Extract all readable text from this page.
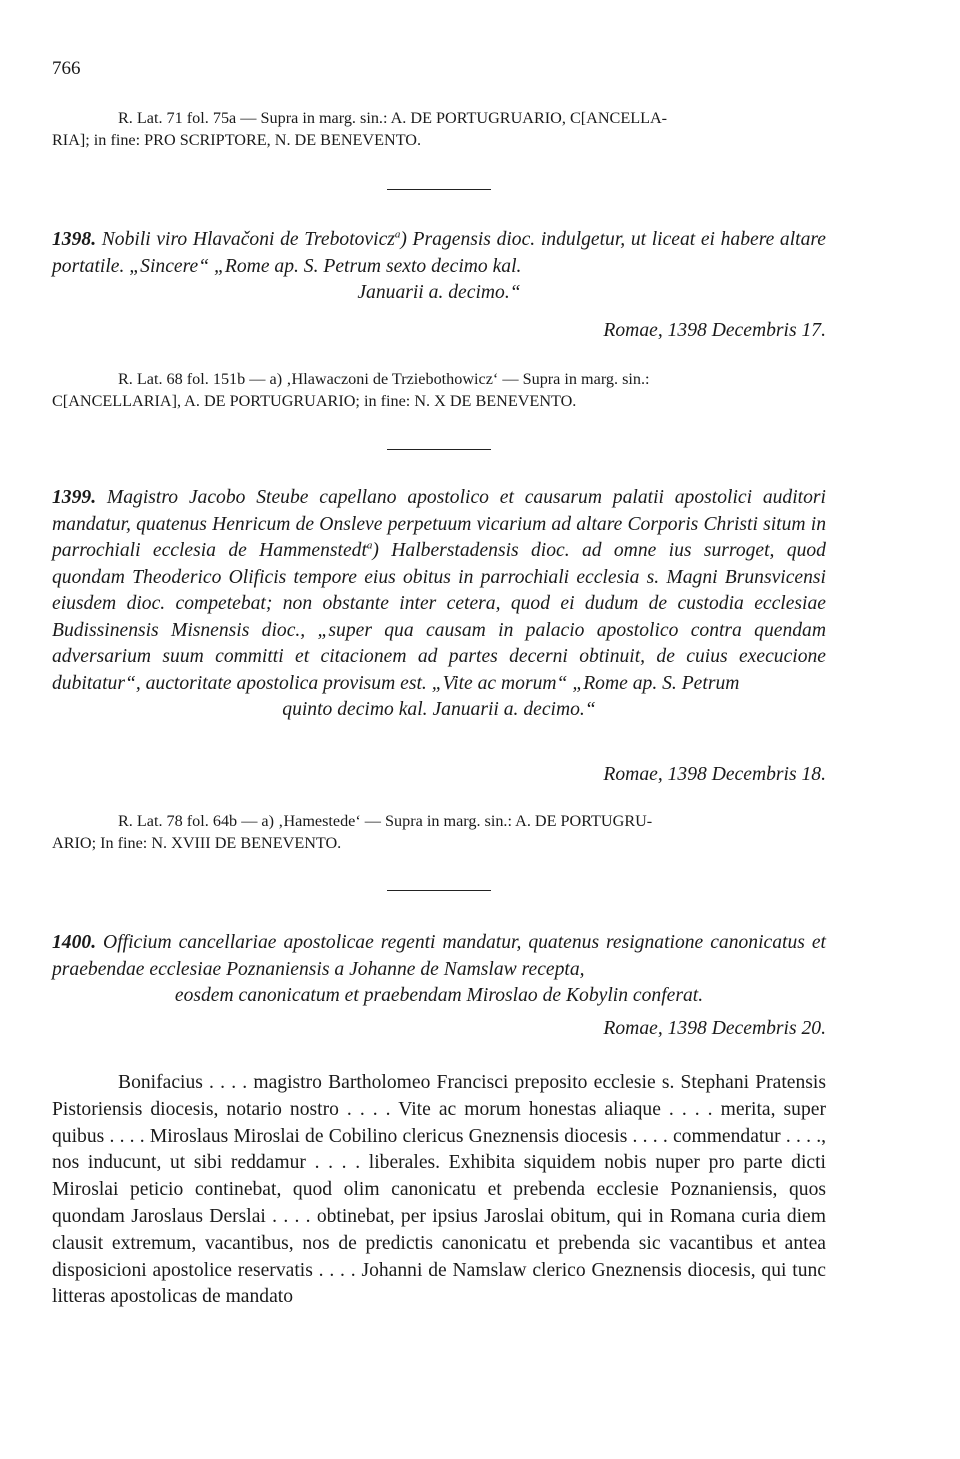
766
R. Lat. 71 fol. 75a — Supra in marg. sin.: A. DE PORTUGRUARIO, C[ANCELLA-
RIA]; in fine: PRO SCRIPTORE, N. DE BENEVENTO.
1398. Nobili viro Hlavačoni de Trebotovicz$^a$) Pragensis dioc. indulgetur, ut liceat ei habere altare portatile. „Sincere“ „Rome ap. S. Petrum sexto decimo kal.
Januarii a. decimo.“
Romae, 1398 Decembris 17.
R. Lat. 68 fol. 151b — a) ‚Hlawaczoni de Trziebothowicz‘ — Supra in marg. sin.:
C[ANCELLARIA], A. DE PORTUGRUARIO; in fine: N. X DE BENEVENTO.
1399. Magistro Jacobo Steube capellano apostolico et causarum palatii apostolici auditori mandatur, quatenus Henricum de Onsleve perpetuum vicarium ad altare Corporis Christi situm in parrochiali ecclesia de Hammenstedt$^a$) Halberstadensis dioc. ad omne ius surroget, quod quondam Theoderico Olificis tempore eius obitus in parrochiali ecclesia s. Magni Brunsvicensi eiusdem dioc. competebat; non obstante inter cetera, quod ei dudum de custodia ecclesiae Budissinensis Misnensis dioc., „super qua causam in palacio apostolico contra quendam adversarium suum committi et citacionem ad partes decerni obtinuit, de cuius execucione dubitatur“, auctoritate apostolica provisum est. „Vite ac morum“ „Rome ap. S. Petrum
quinto decimo kal. Januarii a. decimo.“
Romae, 1398 Decembris 18.
R. Lat. 78 fol. 64b — a) ‚Hamestede‘ — Supra in marg. sin.: A. DE PORTUGRU-
ARIO; In fine: N. XVIII DE BENEVENTO.
1400. Officium cancellariae apostolicae regenti mandatur, quatenus resignatione canonicatus et praebendae ecclesiae Poznaniensis a Johanne de Namslaw recepta,
eosdem canonicatum et praebendam Miroslao de Kobylin conferat.
Romae, 1398 Decembris 20.

Bonifacius . . . . magistro Bartholomeo Francisci preposito ecclesie s. Stephani Pratensis Pistoriensis diocesis, notario nostro . . . . Vite ac morum honestas aliaque . . . . merita, super quibus . . . . Miroslaus Miroslai de Cobilino clericus Gneznensis diocesis . . . . commendatur . . . ., nos inducunt, ut sibi reddamur . . . . liberales. Exhibita siquidem nobis nuper pro parte dicti Miroslai peticio continebat, quod olim canonicatu et prebenda ecclesie Poznaniensis, quos quondam Jaroslaus Derslai . . . . obtinebat, per ipsius Jaroslai obitum, qui in Romana curia diem clausit extremum, vacantibus, nos de predictis canonicatu et prebenda sic vacantibus et antea disposicioni apostolice reservatis . . . . Johanni de Namslaw clerico Gneznensis diocesis, qui tunc litteras apostolicas de mandato
